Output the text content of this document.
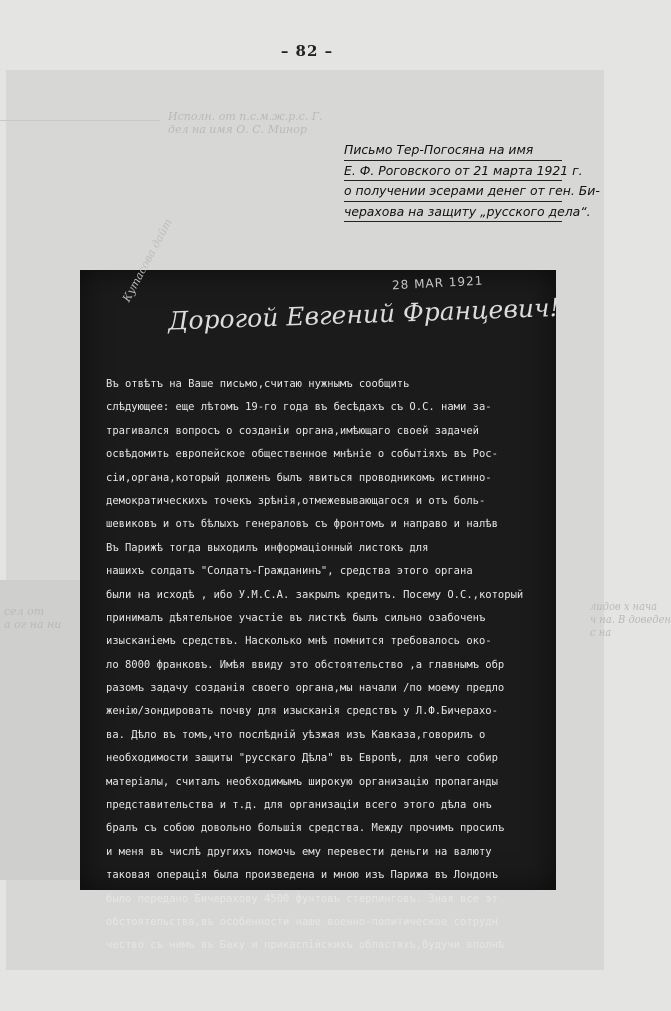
– 82 –
Исполн. от п.с.м.ж.р.с. Г.
дел на имя О. С. Минор
сел от
а ог на ни
лидов х нача
ч на. В доведен
с на
Письмо Тер-Погосяна на имя
Е. Ф. Роговского от 21 марта 1921 г.
о получении эсерами денег от ген. Би-
черахова на защиту „русского дела“.
28 MAR 1921
Кутасова дайт
Дорогой Евгений Францевич!
Въ отвѣтъ на Ваше письмо,считаю нужнымъ сообщить
слѣдующее: еще лѣтомъ 19-го года въ бесѣдахъ съ О.С. нами за-
трагивался вопросъ о созданіи органа,имѣющаго своей задачей
освѣдомить европейское общественное мнѣніе о событіяхъ въ Рос-
сіи,органа,который долженъ былъ явиться проводникомъ истинно-
демократическихъ точекъ зрѣнія,отмежевывающагося и отъ боль-
шевиковъ и отъ бѣлыхъ генераловъ съ фронтомъ и направо и налѣв
Въ Парижѣ тогда выходилъ информаціонный листокъ для
нашихъ солдатъ "Солдатъ-Гражданинъ", средства этого органа
были на исходѣ , ибо У.М.С.А. закрылъ кредитъ. Посему О.С.,который
принималъ дѣятельное участіе въ листкѣ былъ сильно озабоченъ
изысканіемъ средствъ. Насколько мнѣ помнится требовалось око-
ло 8000 франковъ. Имѣя ввиду это обстоятельство ,а главнымъ обр
разомъ задачу созданія своего органа,мы начали /по моему предло
женію/зондировать почву для изысканія средствъ у Л.Ф.Бичерахо-
ва. Дѣло въ томъ,что послѣдній уѣзжая изъ Кавказа,говорилъ о
необходимости защиты "русскаго Дѣла" въ Европѣ, для чего собир
матеріалы, считалъ необходимымъ широкую организацію пропаганды
представительства и т.д. для организаціи всего этого дѣла онъ
бралъ съ собою довольно большія средства. Между прочимъ просилъ
и меня въ числѣ другихъ помочь ему перевести деньги на валюту
таковая операція была произведена и мною изъ Парижа въ Лондонъ
было передано Бичерахову 4500 фунтовъ стерлинговъ. Зная все эт
обстоятельства,въ особенности наше военно-политическое сотрудн
чество съ нимъ въ Баку и прикаспійскихъ областяхъ,будучи вполнѣ
